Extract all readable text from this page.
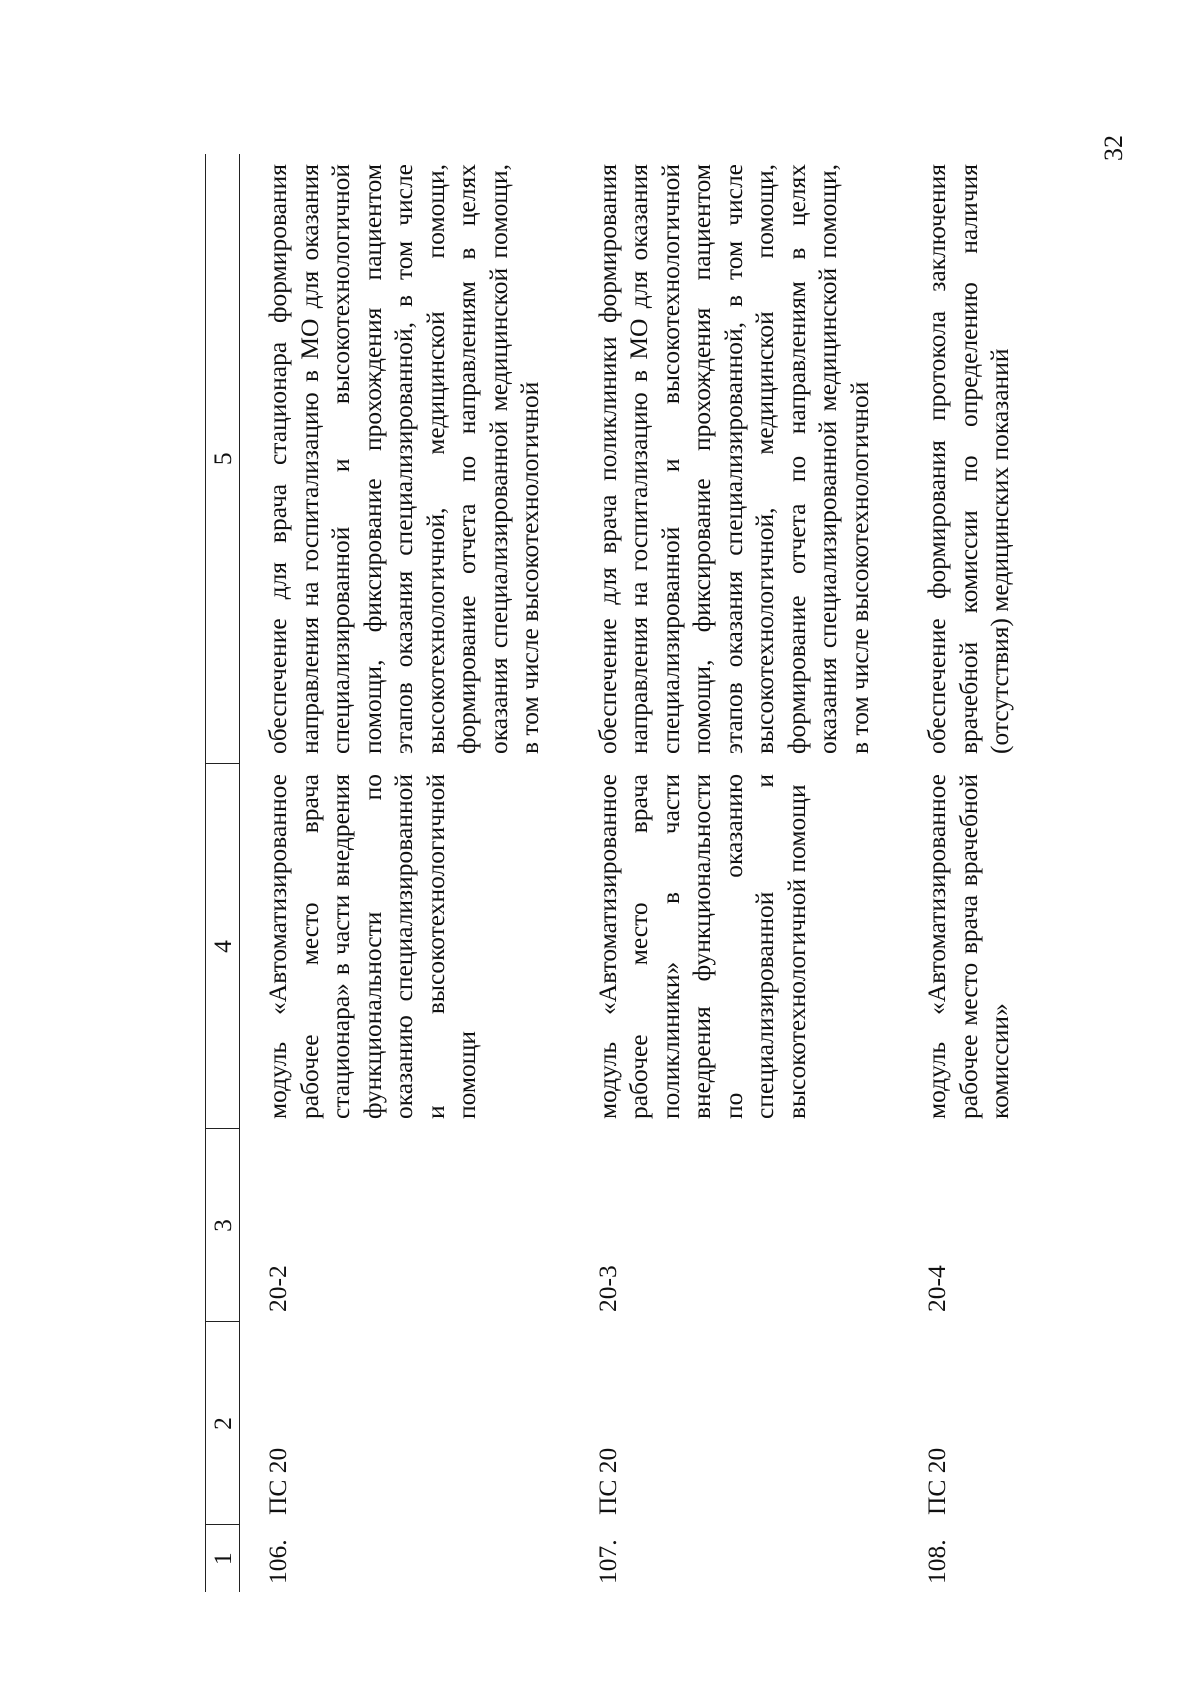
32
1	2	3	4	5
106.	ПС 20	20-2	модуль «Автоматизированное рабочее место врача стационара» в части внедрения функциональности по оказанию специализированной и высокотехнологичной помощи	обеспечение для врача стационара формирования направления на госпитализацию в МО для оказания специализированной и высокотехнологичной помощи, фиксирование прохождения пациентом этапов оказания специализированной, в том числе высокотехнологичной, медицинской помощи, формирование отчета по направлениям в целях оказания специализированной медицинской помощи, в том числе высокотехнологичной
107.	ПС 20	20-3	модуль «Автоматизированное рабочее место врача поликлиники» в части внедрения функциональности по оказанию специализированной и высокотехнологичной помощи	обеспечение для врача поликлиники формирования направления на госпитализацию в МО для оказания специализированной и высокотехнологичной помощи, фиксирование прохождения пациентом этапов оказания специализированной, в том числе высокотехнологичной, медицинской помощи, формирование отчета по направлениям в целях оказания специализированной медицинской помощи, в том числе высокотехнологичной
108.	ПС 20	20-4	модуль «Автоматизированное рабочее место врача врачебной комиссии»	обеспечение формирования протокола заключения врачебной комиссии по определению наличия (отсутствия) медицинских показаний
